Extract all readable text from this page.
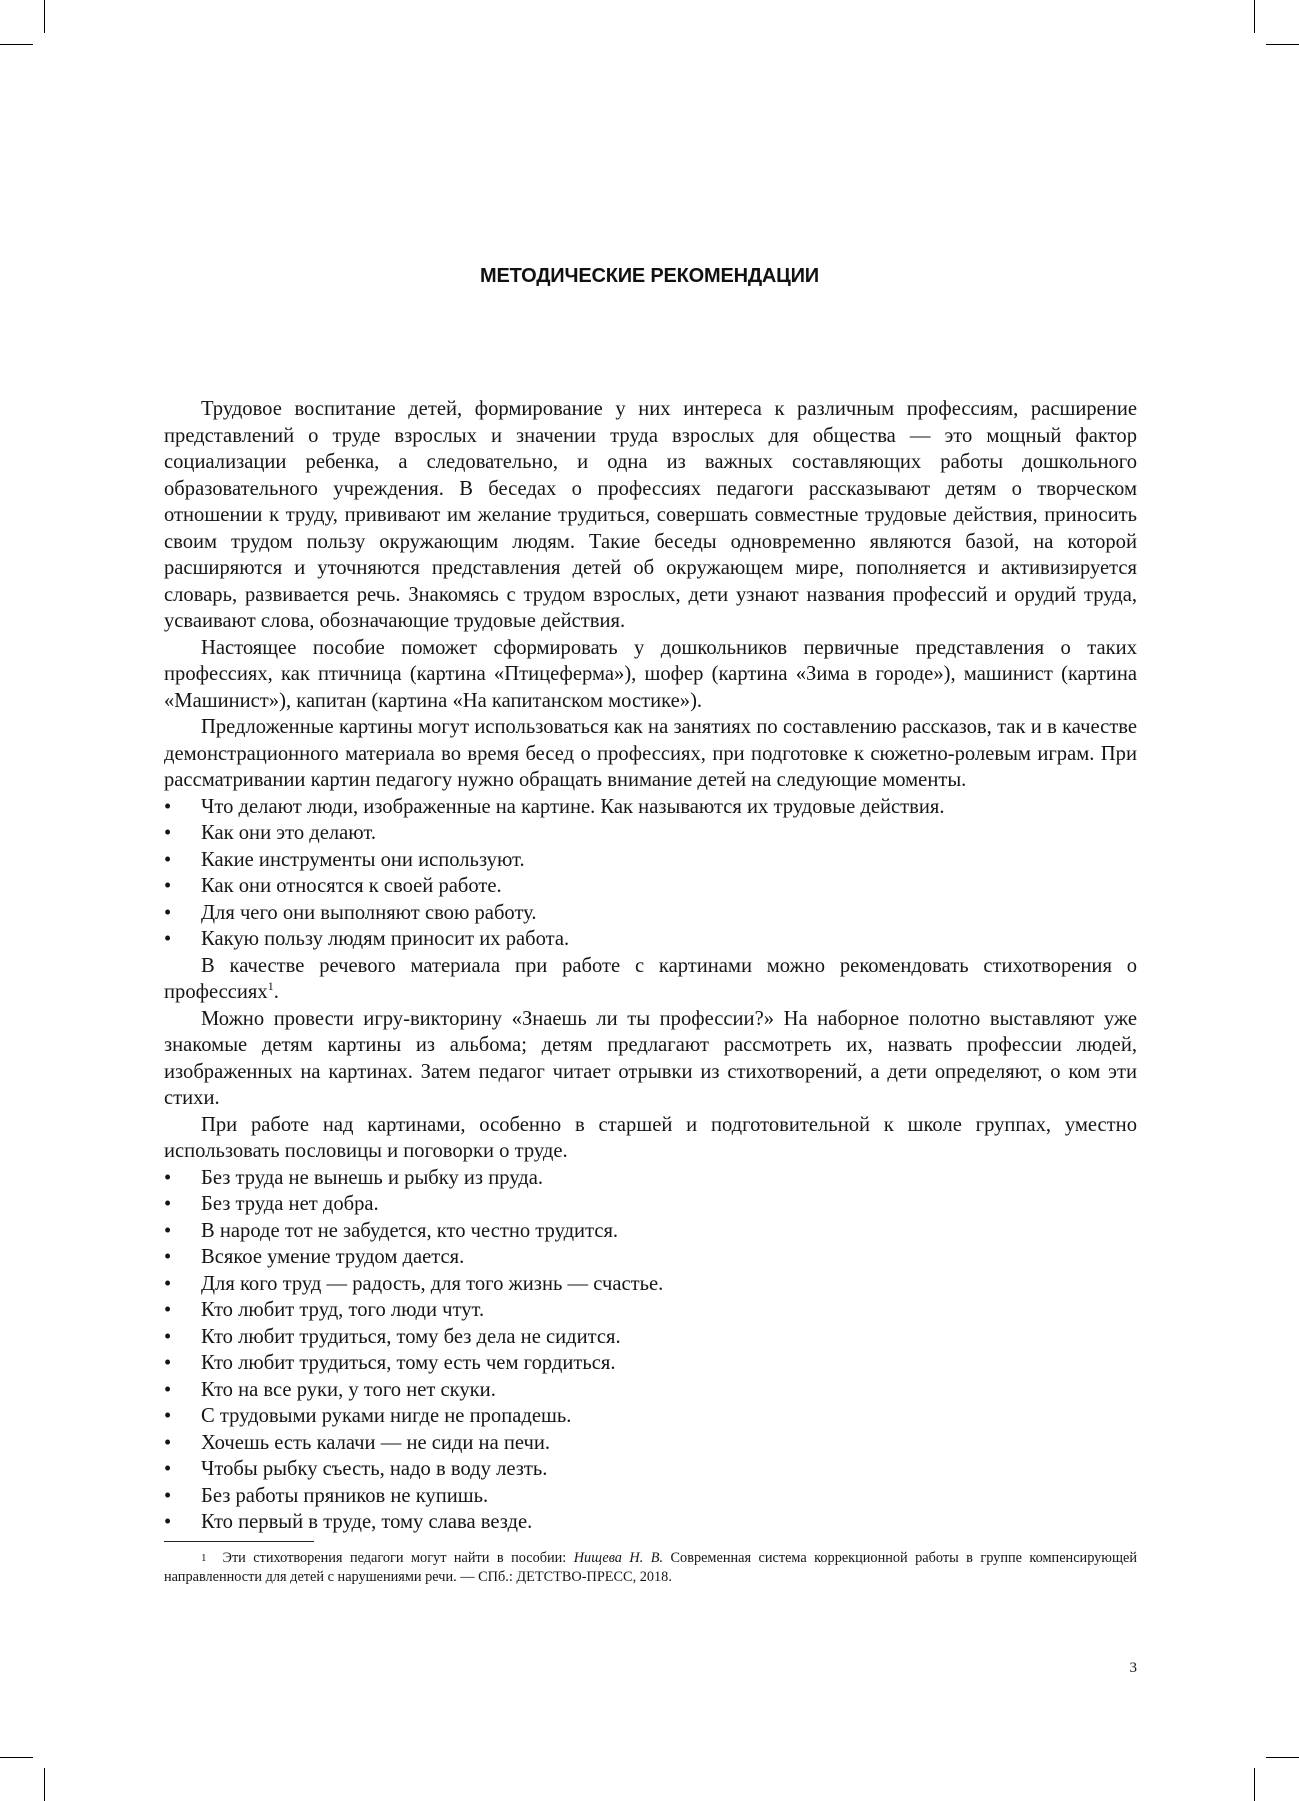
МЕТОДИЧЕСКИЕ РЕКОМЕНДАЦИИ

Трудовое воспитание детей, формирование у них интереса к различным профессиям, расширение представлений о труде взрослых и значении труда взрослых для общества — это мощный фактор социализации ребенка, а следовательно, и одна из важных составляющих работы дошкольного образовательного учреждения. В беседах о профессиях педагоги рассказывают детям о творческом отношении к труду, прививают им желание трудиться, совершать совместные трудовые действия, приносить своим трудом пользу окружающим людям. Такие беседы одновременно являются базой, на которой расширяются и уточняются представления детей об окружающем мире, пополняется и активизируется словарь, развивается речь. Знакомясь с трудом взрослых, дети узнают названия профессий и орудий труда, усваивают слова, обозначающие трудовые действия.

Настоящее пособие поможет сформировать у дошкольников первичные представления о таких профессиях, как птичница (картина «Птицеферма»), шофер (картина «Зима в городе»), машинист (картина «Машинист»), капитан (картина «На капитанском мостике»).

Предложенные картины могут использоваться как на занятиях по составлению рассказов, так и в качестве демонстрационного материала во время бесед о профессиях, при подготовке к сюжетно-ролевым играм. При рассматривании картин педагогу нужно обращать внимание детей на следующие моменты.

• Что делают люди, изображенные на картине. Как называются их трудовые действия.
• Как они это делают.
• Какие инструменты они используют.
• Как они относятся к своей работе.
• Для чего они выполняют свою работу.
• Какую пользу людям приносит их работа.

В качестве речевого материала при работе с картинами можно рекомендовать стихотворения о профессиях$^1$.

Можно провести игру-викторину «Знаешь ли ты профессии?» На наборное полотно выставляют уже знакомые детям картины из альбома; детям предлагают рассмотреть их, назвать профессии людей, изображенных на картинах. Затем педагог читает отрывки из стихотворений, а дети определяют, о ком эти стихи.

При работе над картинами, особенно в старшей и подготовительной к школе группах, уместно использовать пословицы и поговорки о труде.

• Без труда не вынешь и рыбку из пруда.
• Без труда нет добра.
• В народе тот не забудется, кто честно трудится.
• Всякое умение трудом дается.
• Для кого труд — радость, для того жизнь — счастье.
• Кто любит труд, того люди чтут.
• Кто любит трудиться, тому без дела не сидится.
• Кто любит трудиться, тому есть чем гордиться.
• Кто на все руки, у того нет скуки.
• С трудовыми руками нигде не пропадешь.
• Хочешь есть калачи — не сиди на печи.
• Чтобы рыбку съесть, надо в воду лезть.
• Без работы пряников не купишь.
• Кто первый в труде, тому слава везде.
$^1$ Эти стихотворения педагоги могут найти в пособии: Нищева Н. В. Современная система коррекционной работы в группе компенсирующей направленности для детей с нарушениями речи. — СПб.: ДЕТСТВО-ПРЕСС, 2018.
3
